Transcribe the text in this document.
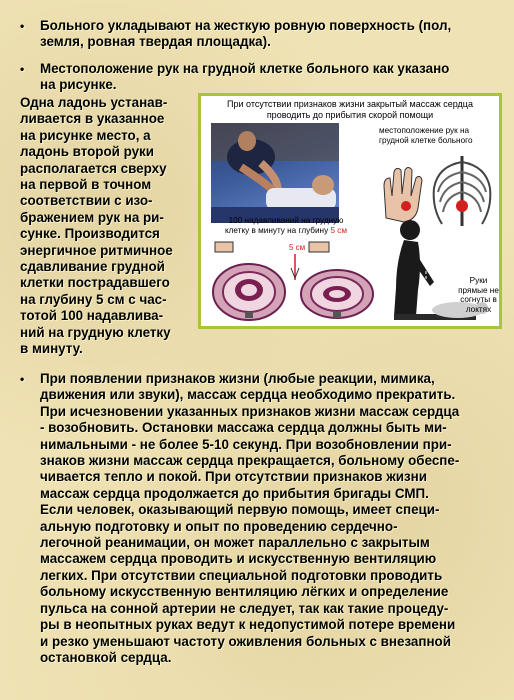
• Больного укладывают на жесткую ровную поверхность (пол,
земля, ровная твердая площадка).
• Местоположение рук на грудной клетке больного как указано
на рисунке.
Одна ладонь устанав-
ливается в указанное
на рисунке место, а
ладонь второй руки
располагается сверху
на первой в точном
соответствии с изо-
бражением рук на ри-
сунке. Производится
энергичное ритмичное
сдавливание грудной
клетки пострадавшего
на глубину 5 см с час-
тотой 100 надавлива-
ний на грудную клетку
в минуту.
При отсутствии признаков жизни закрытый массаж сердца проводить до прибытия скорой помощи
местоположение рук на грудной клетке больного
100 надавливаний на грудную клетку в минуту на глубину 5 см
5 см
Руки прямые не согнуты в локтях
• При появлении признаков жизни (любые реакции, мимика,
движения или звуки), массаж сердца необходимо прекратить.
При исчезновении указанных признаков жизни массаж сердца
- возобновить. Остановки массажа сердца должны быть ми-
нимальными - не более 5-10 секунд. При возобновлении при-
знаков жизни массаж сердца прекращается, больному обеспе-
чивается тепло и покой. При отсутствии признаков жизни
массаж сердца продолжается до прибытия бригады СМП.
Если человек, оказывающий первую помощь, имеет специ-
альную подготовку и опыт по проведению сердечно-
легочной реанимации, он может параллельно с закрытым
массажем сердца проводить и искусственную вентиляцию
легких. При отсутствии специальной подготовки проводить
больному искусственную вентиляцию лёгких и определение
пульса на сонной артерии не следует, так как такие процеду-
ры в неопытных руках ведут к недопустимой потере времени
и резко уменьшают частоту оживления больных с внезапной
остановкой сердца.
